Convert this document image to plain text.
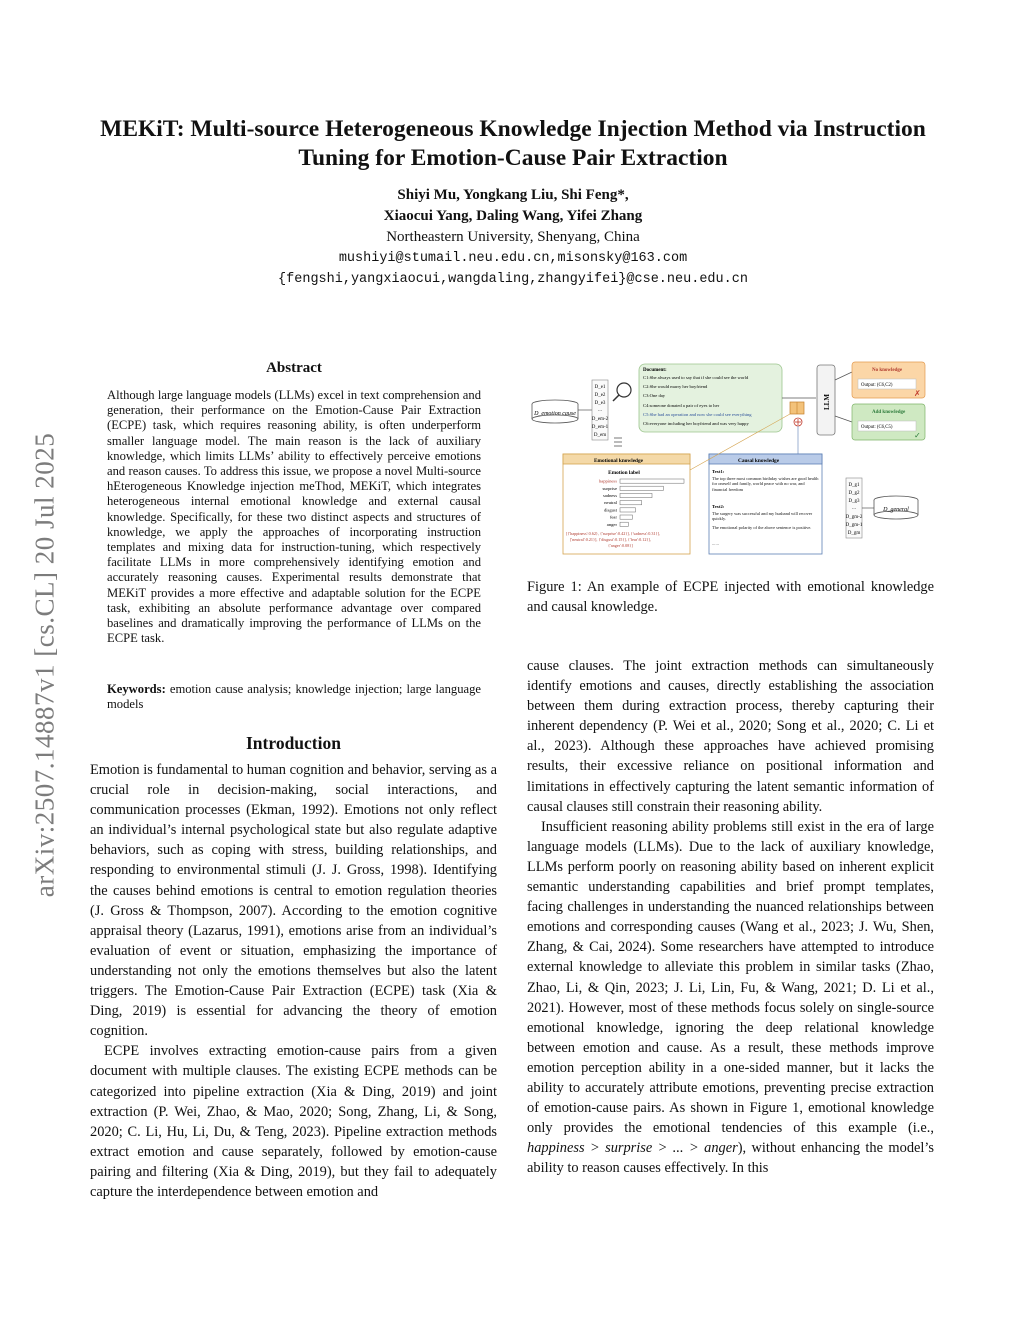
arXiv:2507.14887v1 [cs.CL] 20 Jul 2025
MEKiT: Multi-source Heterogeneous Knowledge Injection Method via Instruction
Tuning for Emotion-Cause Pair Extraction
Shiyi Mu, Yongkang Liu, Shi Feng*,
Xiaocui Yang, Daling Wang, Yifei Zhang
Northeastern University, Shenyang, China
mushiyi@stumail.neu.edu.cn,misonsky@163.com
{fengshi,yangxiaocui,wangdaling,zhangyifei}@cse.neu.edu.cn
Abstract
Although large language models (LLMs) excel in text comprehension and generation, their performance on the Emotion-Cause Pair Extraction (ECPE) task, which requires reasoning ability, is often underperform smaller language model. The main reason is the lack of auxiliary knowledge, which limits LLMs’ ability to effectively perceive emotions and reason causes. To address this issue, we propose a novel Multi-source hEterogeneous Knowledge injection meThod, MEKiT, which integrates heterogeneous internal emotional knowledge and external causal knowledge. Specifically, for these two distinct aspects and structures of knowledge, we apply the approaches of incorporating instruction templates and mixing data for instruction-tuning, which respectively facilitate LLMs in more comprehensively identifying emotion and accurately reasoning causes. Experimental results demonstrate that MEKiT provides a more effective and adaptable solution for the ECPE task, exhibiting an absolute performance advantage over compared baselines and dramatically improving the performance of LLMs on the ECPE task.
Keywords: emotion cause analysis; knowledge injection; large language models
Introduction

Emotion is fundamental to human cognition and behavior, serving as a crucial role in decision-making, social interactions, and communication processes (Ekman, 1992). Emotions not only reflect an individual’s internal psychological state but also regulate adaptive behaviors, such as coping with stress, building relationships, and responding to environmental stimuli (J. J. Gross, 1998). Identifying the causes behind emotions is central to emotion regulation theories (J. Gross & Thompson, 2007). According to the emotion cognitive appraisal theory (Lazarus, 1991), emotions arise from an individual’s evaluation of event or situation, emphasizing the importance of understanding not only the emotions themselves but also the latent triggers. The Emotion-Cause Pair Extraction (ECPE) task (Xia & Ding, 2019) is essential for advancing the theory of emotion cognition.

ECPE involves extracting emotion-cause pairs from a given document with multiple clauses. The existing ECPE methods can be categorized into pipeline extraction (Xia & Ding, 2019) and joint extraction (P. Wei, Zhao, & Mao, 2020; Song, Zhang, Li, & Song, 2020; C. Li, Hu, Li, Du, & Teng, 2023). Pipeline extraction methods extract emotion and cause separately, followed by emotion-cause pairing and filtering (Xia & Ding, 2019), but they fail to adequately capture the interdependence between emotion and

D_emotion cause
D_e1
D_e2
D_e3
...
D_em-2
D_em-1
D_em
Document:
C1:She always used to say that if she could see the world
C2:She would marry her boyfriend
C3:One day
C4:someone donated a pair of eyes to her
C5:She had an operation and now she could see everything
C6:everyone including her boyfriend and was very happy
LLM
No knowledge
Output: (C6,C2)
✗
Add knowledge
Output: (C6,C5)
✓
Emotional knowledge
Emotion label
happiness
surprise
sadness
neutral
disgust
fear
anger
[{'happiness':0.62}, {'surprise':0.42}], {'sadness':0.31}],
['neutral':0.21}], {'disgust':0.15}], {'fear':0.12}],
{'anger':0.08}]
Causal knowledge
Text1:
The top three most common birthday wishes are good health for oneself and family, world peace with no war, and financial freedom
Text2:
The surgery was successful and my husband will recover quickly.
The emotional polarity of the above sentence is positive.
......
D_g1
D_g2
D_g3
...
D_gm-2
D_gm-1
D_gm
D_general
Figure 1: An example of ECPE injected with emotional knowledge and causal knowledge.

cause clauses. The joint extraction methods can simultaneously identify emotions and causes, directly establishing the association between them during extraction process, thereby capturing their inherent dependency (P. Wei et al., 2020; Song et al., 2020; C. Li et al., 2023). Although these approaches have achieved promising results, their excessive reliance on positional information and limitations in effectively capturing the latent semantic information of causal clauses still constrain their reasoning ability.

Insufficient reasoning ability problems still exist in the era of large language models (LLMs). Due to the lack of auxiliary knowledge, LLMs perform poorly on reasoning ability based on inherent explicit semantic understanding capabilities and brief prompt templates, facing challenges in understanding the nuanced relationships between emotions and corresponding causes (Wang et al., 2023; J. Wu, Shen, Zhang, & Cai, 2024). Some researchers have attempted to introduce external knowledge to alleviate this problem in similar tasks (Zhao, Zhao, Li, & Qin, 2023; J. Li, Lin, Fu, & Wang, 2021; D. Li et al., 2021). However, most of these methods focus solely on single-source emotional knowledge, ignoring the deep relational knowledge between emotion and cause. As a result, these methods improve emotion perception ability in a one-sided manner, but it lacks the ability to accurately attribute emotions, preventing precise extraction of emotion-cause pairs. As shown in Figure 1, emotional knowledge only provides the emotional tendencies of this example (i.e., happiness > surprise > ... > anger), without enhancing the model’s ability to reason causes effectively. In this
